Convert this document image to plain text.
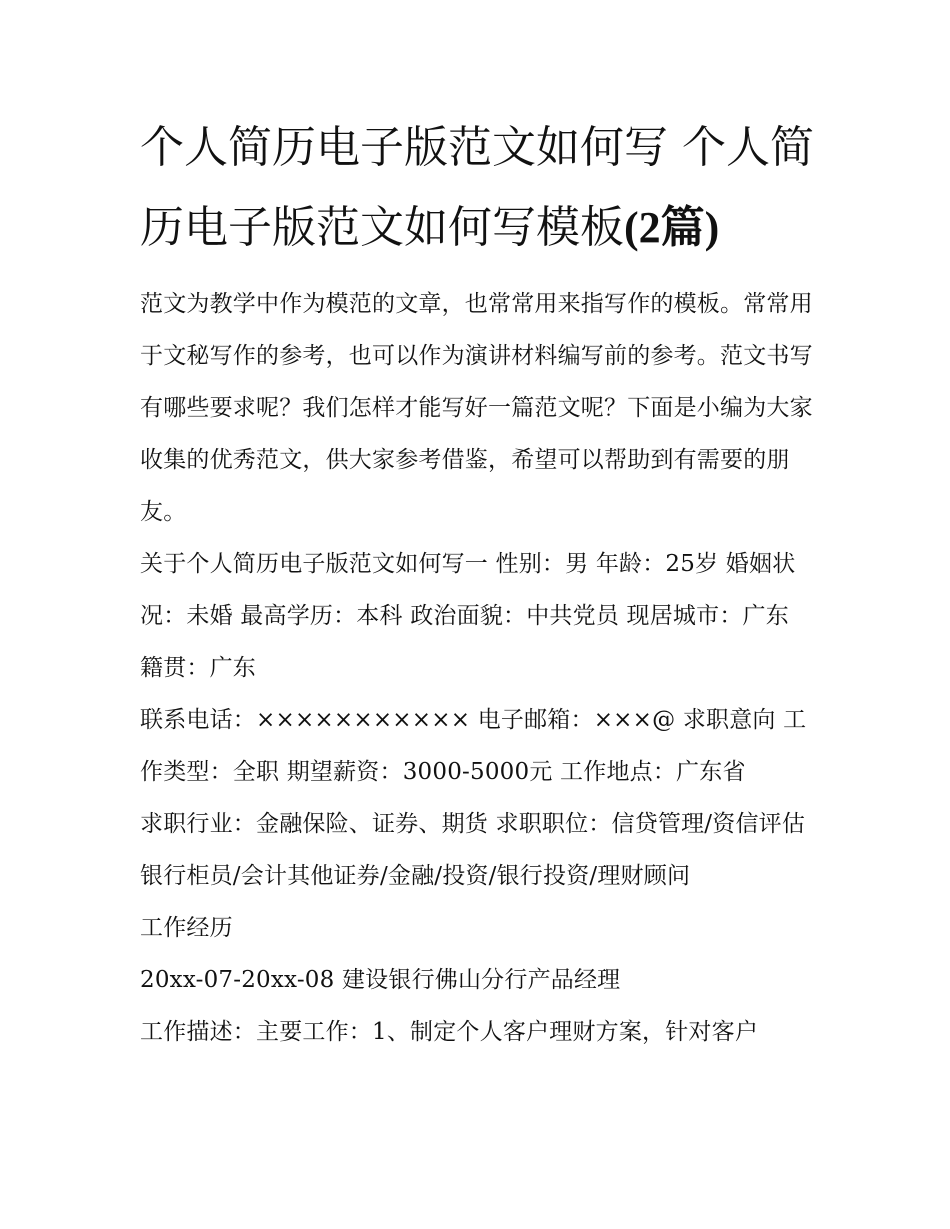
个人简历电子版范文如何写 个人简历电子版范文如何写模板(2篇)

范文为教学中作为模范的文章，也常常用来指写作的模板。常常用于文秘写作的参考，也可以作为演讲材料编写前的参考。范文书写有哪些要求呢？我们怎样才能写好一篇范文呢？下面是小编为大家收集的优秀范文，供大家参考借鉴，希望可以帮助到有需要的朋友。

关于个人简历电子版范文如何写一 性别：男 年龄：25岁 婚姻状况：未婚 最高学历：本科 政治面貌：中共党员 现居城市：广东 籍贯：广东

联系电话：××××××××××× 电子邮箱：×××@ 求职意向 工作类型：全职 期望薪资：3000-5000元 工作地点：广东省

求职行业：金融保险、证券、期货 求职职位：信贷管理/资信评估银行柜员/会计其他证券/金融/投资/银行投资/理财顾问

工作经历

20xx-07-20xx-08 建设银行佛山分行产品经理

工作描述：主要工作：1、制定个人客户理财方案，针对客户
